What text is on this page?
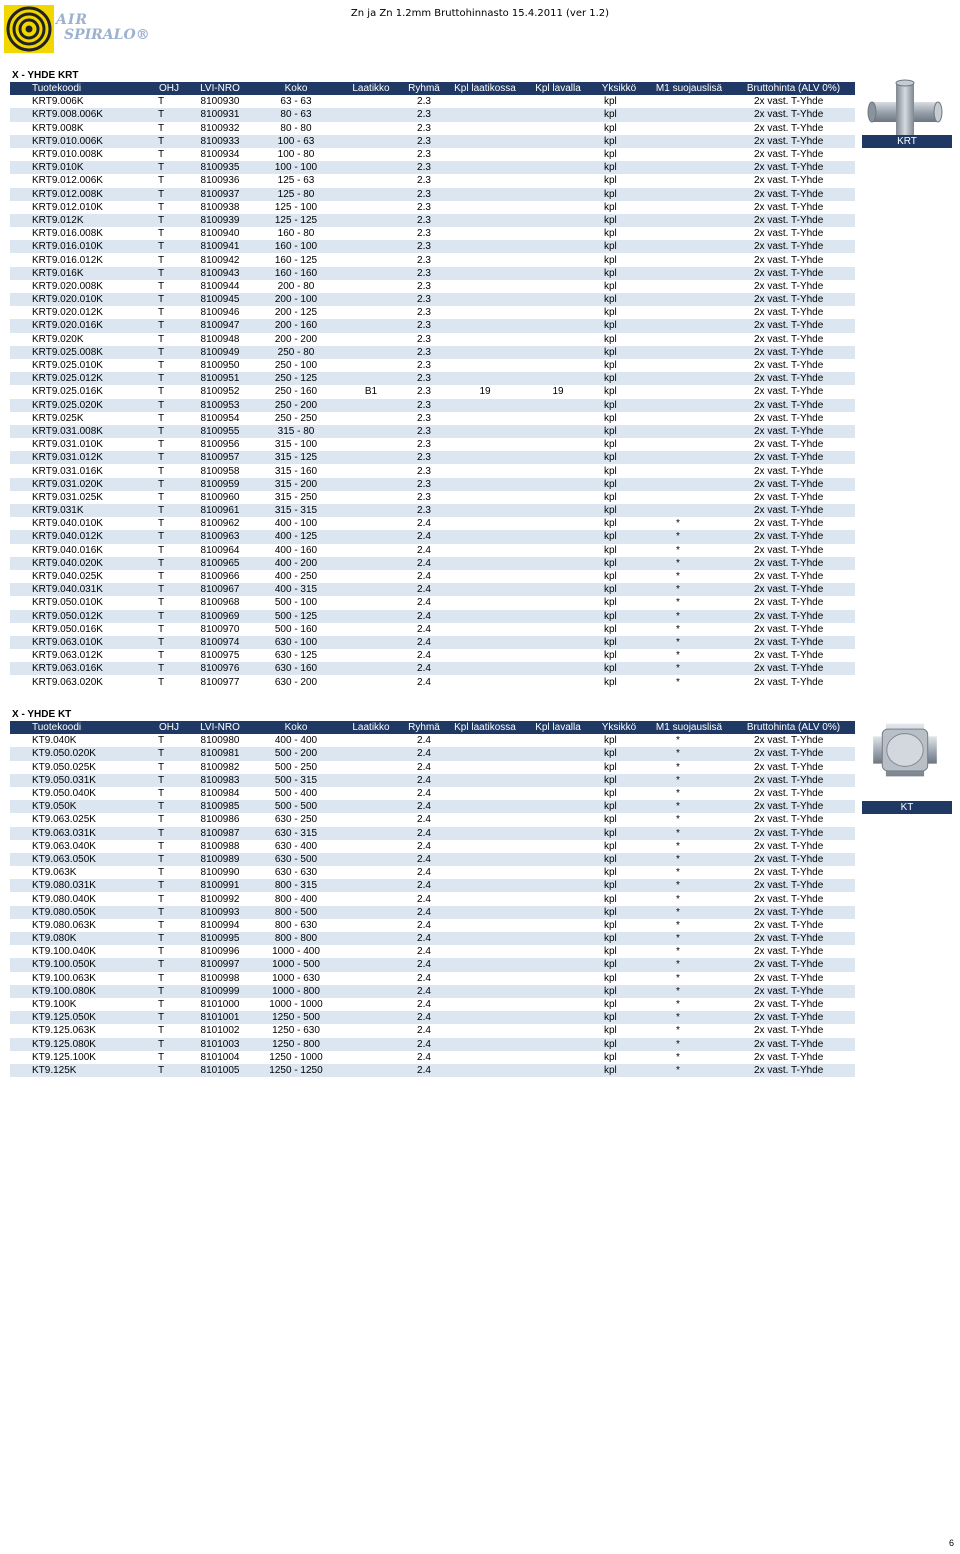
Zn ja Zn 1.2mm Bruttohinnasto 15.4.2011 (ver 1.2)
AIR
SPIRALO®
X - YHDE KRT
Tuotekoodi	OHJ	LVI-NRO	Koko	Laatikko	Ryhmä	Kpl laatikossa	Kpl lavalla	Yksikkö	M1 suojauslisä	Bruttohinta (ALV 0%)
KRT9.006K	T	8100930	63 - 63		2.3			kpl		2x vast. T-Yhde
KRT9.008.006K	T	8100931	80 - 63		2.3			kpl		2x vast. T-Yhde
KRT9.008K	T	8100932	80 - 80		2.3			kpl		2x vast. T-Yhde
KRT9.010.006K	T	8100933	100 - 63		2.3			kpl		2x vast. T-Yhde
KRT9.010.008K	T	8100934	100 - 80		2.3			kpl		2x vast. T-Yhde
KRT9.010K	T	8100935	100 - 100		2.3			kpl		2x vast. T-Yhde
KRT9.012.006K	T	8100936	125 - 63		2.3			kpl		2x vast. T-Yhde
KRT9.012.008K	T	8100937	125 - 80		2.3			kpl		2x vast. T-Yhde
KRT9.012.010K	T	8100938	125 - 100		2.3			kpl		2x vast. T-Yhde
KRT9.012K	T	8100939	125 - 125		2.3			kpl		2x vast. T-Yhde
KRT9.016.008K	T	8100940	160 - 80		2.3			kpl		2x vast. T-Yhde
KRT9.016.010K	T	8100941	160 - 100		2.3			kpl		2x vast. T-Yhde
KRT9.016.012K	T	8100942	160 - 125		2.3			kpl		2x vast. T-Yhde
KRT9.016K	T	8100943	160 - 160		2.3			kpl		2x vast. T-Yhde
KRT9.020.008K	T	8100944	200 - 80		2.3			kpl		2x vast. T-Yhde
KRT9.020.010K	T	8100945	200 - 100		2.3			kpl		2x vast. T-Yhde
KRT9.020.012K	T	8100946	200 - 125		2.3			kpl		2x vast. T-Yhde
KRT9.020.016K	T	8100947	200 - 160		2.3			kpl		2x vast. T-Yhde
KRT9.020K	T	8100948	200 - 200		2.3			kpl		2x vast. T-Yhde
KRT9.025.008K	T	8100949	250 - 80		2.3			kpl		2x vast. T-Yhde
KRT9.025.010K	T	8100950	250 - 100		2.3			kpl		2x vast. T-Yhde
KRT9.025.012K	T	8100951	250 - 125		2.3			kpl		2x vast. T-Yhde
KRT9.025.016K	T	8100952	250 - 160	B1	2.3	19	19	kpl		2x vast. T-Yhde
KRT9.025.020K	T	8100953	250 - 200		2.3			kpl		2x vast. T-Yhde
KRT9.025K	T	8100954	250 - 250		2.3			kpl		2x vast. T-Yhde
KRT9.031.008K	T	8100955	315 - 80		2.3			kpl		2x vast. T-Yhde
KRT9.031.010K	T	8100956	315 - 100		2.3			kpl		2x vast. T-Yhde
KRT9.031.012K	T	8100957	315 - 125		2.3			kpl		2x vast. T-Yhde
KRT9.031.016K	T	8100958	315 - 160		2.3			kpl		2x vast. T-Yhde
KRT9.031.020K	T	8100959	315 - 200		2.3			kpl		2x vast. T-Yhde
KRT9.031.025K	T	8100960	315 - 250		2.3			kpl		2x vast. T-Yhde
KRT9.031K	T	8100961	315 - 315		2.3			kpl		2x vast. T-Yhde
KRT9.040.010K	T	8100962	400 - 100		2.4			kpl	*	2x vast. T-Yhde
KRT9.040.012K	T	8100963	400 - 125		2.4			kpl	*	2x vast. T-Yhde
KRT9.040.016K	T	8100964	400 - 160		2.4			kpl	*	2x vast. T-Yhde
KRT9.040.020K	T	8100965	400 - 200		2.4			kpl	*	2x vast. T-Yhde
KRT9.040.025K	T	8100966	400 - 250		2.4			kpl	*	2x vast. T-Yhde
KRT9.040.031K	T	8100967	400 - 315		2.4			kpl	*	2x vast. T-Yhde
KRT9.050.010K	T	8100968	500 - 100		2.4			kpl	*	2x vast. T-Yhde
KRT9.050.012K	T	8100969	500 - 125		2.4			kpl	*	2x vast. T-Yhde
KRT9.050.016K	T	8100970	500 - 160		2.4			kpl	*	2x vast. T-Yhde
KRT9.063.010K	T	8100974	630 - 100		2.4			kpl	*	2x vast. T-Yhde
KRT9.063.012K	T	8100975	630 - 125		2.4			kpl	*	2x vast. T-Yhde
KRT9.063.016K	T	8100976	630 - 160		2.4			kpl	*	2x vast. T-Yhde
KRT9.063.020K	T	8100977	630 - 200		2.4			kpl	*	2x vast. T-Yhde
KRT
X - YHDE KT
Tuotekoodi	OHJ	LVI-NRO	Koko	Laatikko	Ryhmä	Kpl laatikossa	Kpl lavalla	Yksikkö	M1 suojauslisä	Bruttohinta (ALV 0%)
KT9.040K	T	8100980	400 - 400		2.4			kpl	*	2x vast. T-Yhde
KT9.050.020K	T	8100981	500 - 200		2.4			kpl	*	2x vast. T-Yhde
KT9.050.025K	T	8100982	500 - 250		2.4			kpl	*	2x vast. T-Yhde
KT9.050.031K	T	8100983	500 - 315		2.4			kpl	*	2x vast. T-Yhde
KT9.050.040K	T	8100984	500 - 400		2.4			kpl	*	2x vast. T-Yhde
KT9.050K	T	8100985	500 - 500		2.4			kpl	*	2x vast. T-Yhde
KT9.063.025K	T	8100986	630 - 250		2.4			kpl	*	2x vast. T-Yhde
KT9.063.031K	T	8100987	630 - 315		2.4			kpl	*	2x vast. T-Yhde
KT9.063.040K	T	8100988	630 - 400		2.4			kpl	*	2x vast. T-Yhde
KT9.063.050K	T	8100989	630 - 500		2.4			kpl	*	2x vast. T-Yhde
KT9.063K	T	8100990	630 - 630		2.4			kpl	*	2x vast. T-Yhde
KT9.080.031K	T	8100991	800 - 315		2.4			kpl	*	2x vast. T-Yhde
KT9.080.040K	T	8100992	800 - 400		2.4			kpl	*	2x vast. T-Yhde
KT9.080.050K	T	8100993	800 - 500		2.4			kpl	*	2x vast. T-Yhde
KT9.080.063K	T	8100994	800 - 630		2.4			kpl	*	2x vast. T-Yhde
KT9.080K	T	8100995	800 - 800		2.4			kpl	*	2x vast. T-Yhde
KT9.100.040K	T	8100996	1000 - 400		2.4			kpl	*	2x vast. T-Yhde
KT9.100.050K	T	8100997	1000 - 500		2.4			kpl	*	2x vast. T-Yhde
KT9.100.063K	T	8100998	1000 - 630		2.4			kpl	*	2x vast. T-Yhde
KT9.100.080K	T	8100999	1000 - 800		2.4			kpl	*	2x vast. T-Yhde
KT9.100K	T	8101000	1000 - 1000		2.4			kpl	*	2x vast. T-Yhde
KT9.125.050K	T	8101001	1250 - 500		2.4			kpl	*	2x vast. T-Yhde
KT9.125.063K	T	8101002	1250 - 630		2.4			kpl	*	2x vast. T-Yhde
KT9.125.080K	T	8101003	1250 - 800		2.4			kpl	*	2x vast. T-Yhde
KT9.125.100K	T	8101004	1250 - 1000		2.4			kpl	*	2x vast. T-Yhde
KT9.125K	T	8101005	1250 - 1250		2.4			kpl	*	2x vast. T-Yhde
KT
6
